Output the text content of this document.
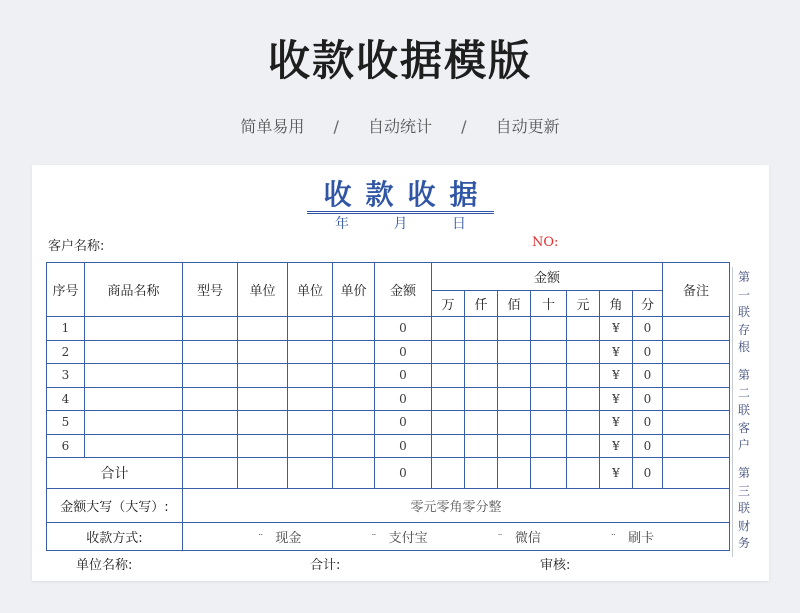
收款收据模版
简单易用 / 自动统计 / 自动更新
收款收据
年	月	日
客户名称:	NO:
序号	商品名称	型号	单位	单位	单价	金额	金额							备注
							万	仟	佰	十	元	角	分	
1						0						¥	0	
2						0						¥	0	
3						0						¥	0	
4						0						¥	0	
5						0						¥	0	
6						0						¥	0	
合计						0						¥	0	
金额大写（大写）:		零元零角零分整												
收款方式:		¨ 现金 ¨ 支付宝 ¨ 微信 ¨ 刷卡												
第
一
联
存
根
第
二
联
客
户
第
三
联
财
务
单位名称:	合计:	审核:
